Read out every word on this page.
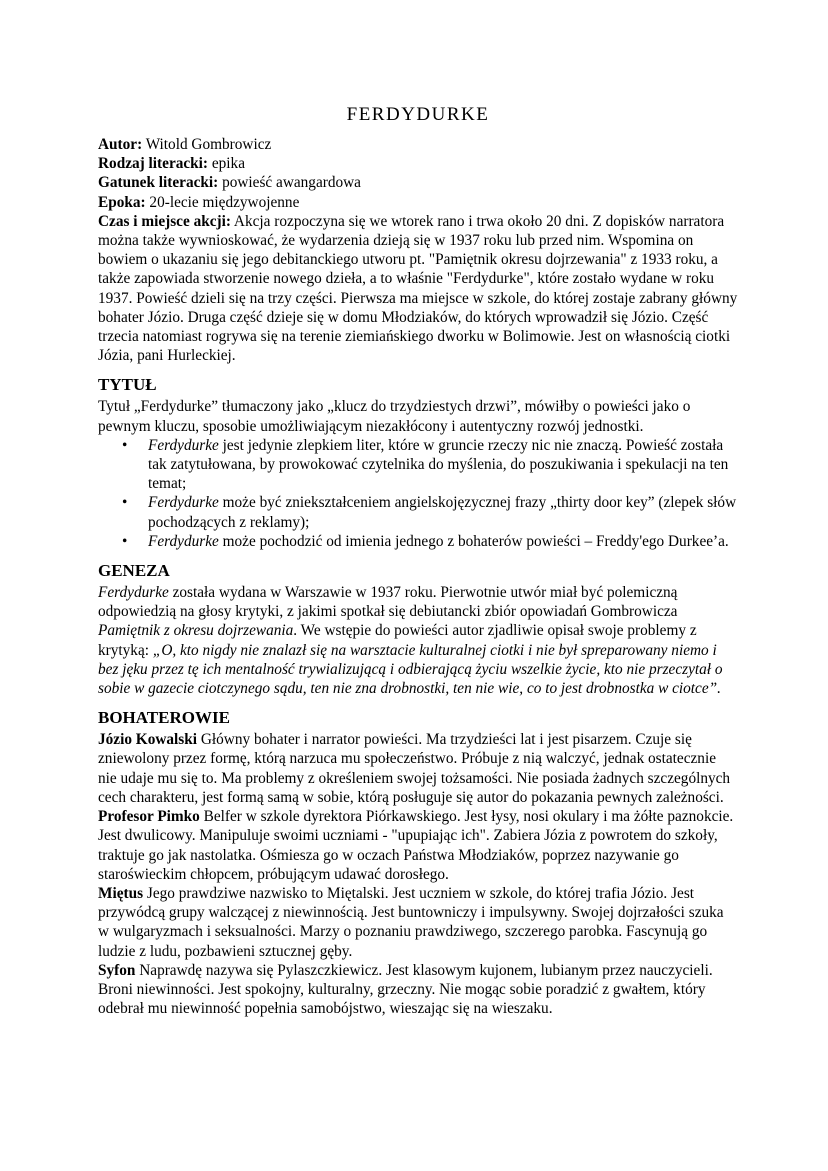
ferdydurke

Autor: Witold Gombrowicz

Rodzaj literacki: epika

Gatunek literacki: powieść awangardowa

Epoka: 20-lecie międzywojenne

Czas i miejsce akcji: Akcja rozpoczyna się we wtorek rano i trwa około 20 dni. Z dopisków narratora można także wywnioskować, że wydarzenia dzieją się w 1937 roku lub przed nim. Wspomina on bowiem o ukazaniu się jego debitanckiego utworu pt. "Pamiętnik okresu dojrzewania" z 1933 roku, a także zapowiada stworzenie nowego dzieła, a to właśnie "Ferdydurke", które zostało wydane w roku 1937. Powieść dzieli się na trzy części. Pierwsza ma miejsce w szkole, do której zostaje zabrany główny bohater Józio. Druga część dzieje się w domu Młodziaków, do których wprowadził się Józio. Część trzecia natomiast rogrywa się na terenie ziemiańskiego dworku w Bolimowie. Jest on własnością ciotki Józia, pani Hurleckiej.

TYTUŁ

Tytuł „Ferdydurke” tłumaczony jako „klucz do trzydziestych drzwi”, mówiłby o powieści jako o pewnym kluczu, sposobie umożliwiającym niezakłócony i autentyczny rozwój jednostki.

• Ferdydurke jest jedynie zlepkiem liter, które w gruncie rzeczy nic nie znaczą. Powieść została tak zatytułowana, by prowokować czytelnika do myślenia, do poszukiwania i spekulacji na ten temat;
• Ferdydurke może być zniekształceniem angielskojęzycznej frazy „thirty door key” (zlepek słów pochodzących z reklamy);
• Ferdydurke może pochodzić od imienia jednego z bohaterów powieści – Freddy'ego Durkee’a.
GENEZA

Ferdydurke została wydana w Warszawie w 1937 roku. Pierwotnie utwór miał być polemiczną odpowiedzią na głosy krytyki, z jakimi spotkał się debiutancki zbiór opowiadań Gombrowicza Pamiętnik z okresu dojrzewania. We wstępie do powieści autor zjadliwie opisał swoje problemy z krytyką: „O, kto nigdy nie znalazł się na warsztacie kulturalnej ciotki i nie był spreparowany niemo i bez jęku przez tę ich mentalność trywializującą i odbierającą życiu wszelkie życie, kto nie przeczytał o sobie w gazecie ciotczynego sądu, ten nie zna drobnostki, ten nie wie, co to jest drobnostka w ciotce”.

BOHATEROWIE

Józio Kowalski Główny bohater i narrator powieści. Ma trzydzieści lat i jest pisarzem. Czuje się zniewolony przez formę, którą narzuca mu społeczeństwo. Próbuje z nią walczyć, jednak ostatecznie nie udaje mu się to. Ma problemy z określeniem swojej tożsamości. Nie posiada żadnych szczególnych cech charakteru, jest formą samą w sobie, którą posługuje się autor do pokazania pewnych zależności.

Profesor Pimko Belfer w szkole dyrektora Piórkawskiego. Jest łysy, nosi okulary i ma żółte paznokcie. Jest dwulicowy. Manipuluje swoimi uczniami - "upupiając ich". Zabiera Józia z powrotem do szkoły, traktuje go jak nastolatka. Ośmiesza go w oczach Państwa Młodziaków, poprzez nazywanie go staroświeckim chłopcem, próbującym udawać dorosłego.

Miętus Jego prawdziwe nazwisko to Miętalski. Jest uczniem w szkole, do której trafia Józio. Jest przywódcą grupy walczącej z niewinnością. Jest buntowniczy i impulsywny. Swojej dojrzałości szuka w wulgaryzmach i seksualności. Marzy o poznaniu prawdziwego, szczerego parobka. Fascynują go ludzie z ludu, pozbawieni sztucznej gęby.

Syfon Naprawdę nazywa się Pylaszczkiewicz. Jest klasowym kujonem, lubianym przez nauczycieli. Broni niewinności. Jest spokojny, kulturalny, grzeczny. Nie mogąc sobie poradzić z gwałtem, który odebrał mu niewinność popełnia samobójstwo, wieszając się na wieszaku.
